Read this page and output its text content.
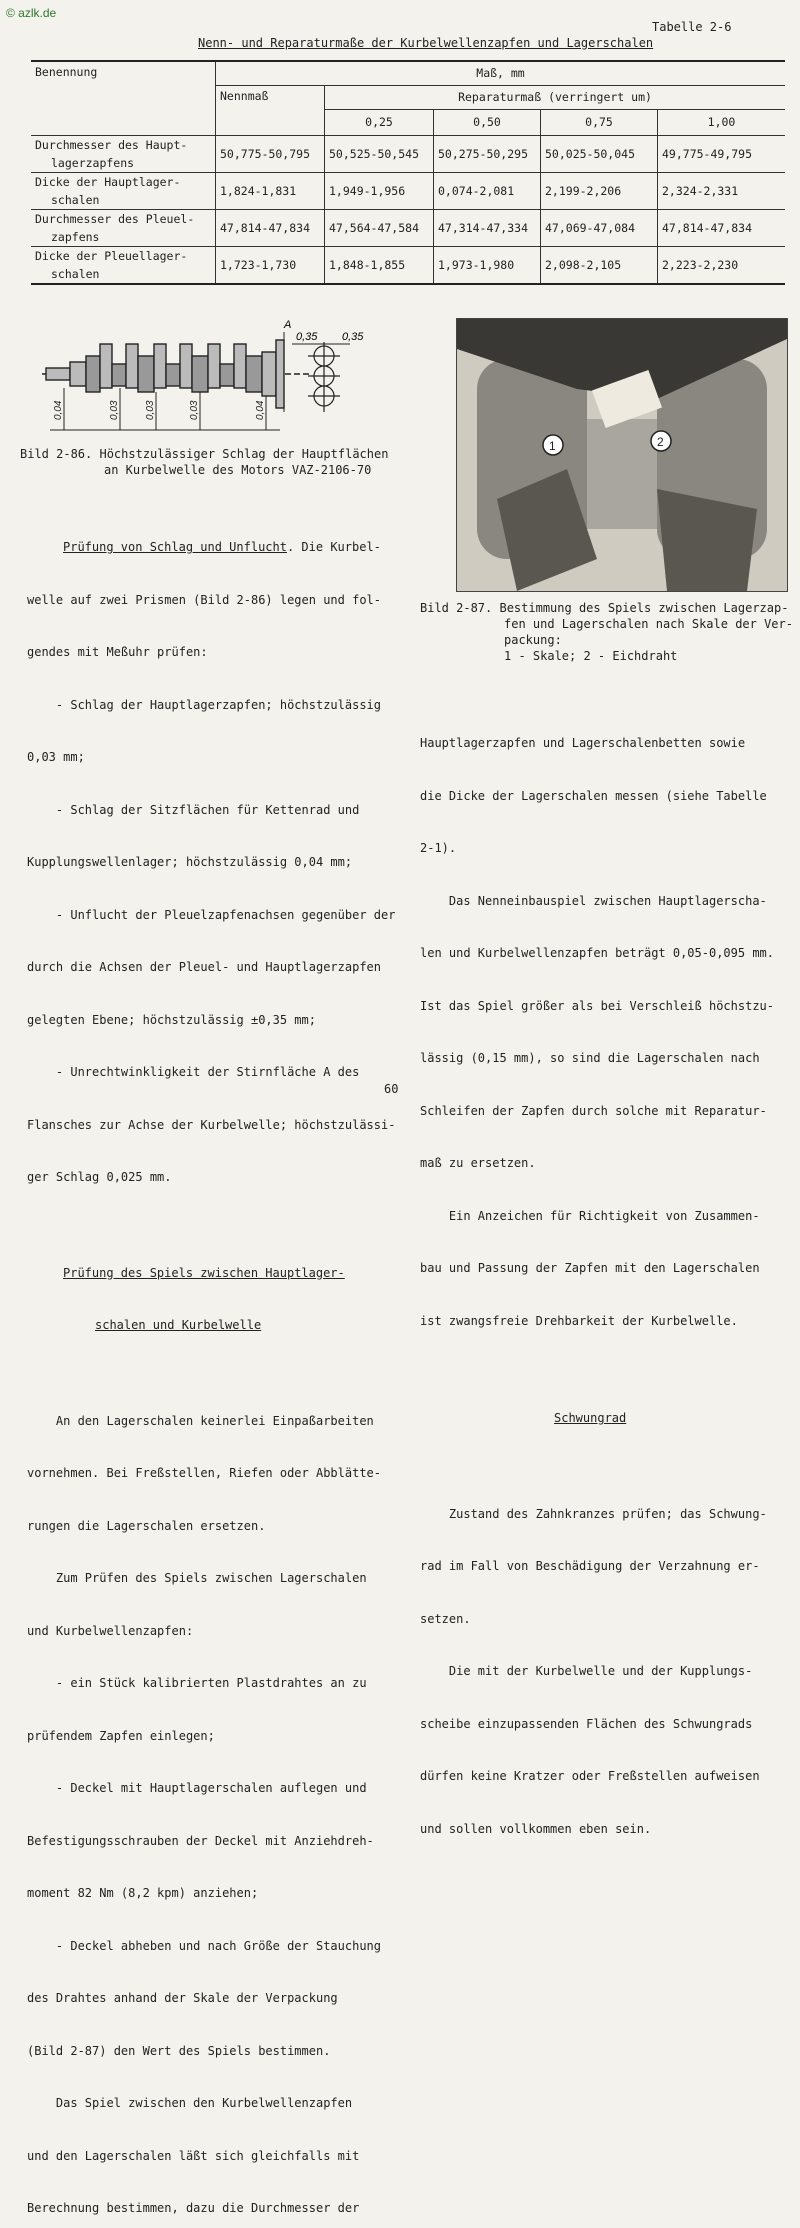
© azlk.de
Tabelle 2-6
Nenn- und Reparaturmaße der Kurbelwellenzapfen und Lagerschalen
Benennung	Maß, mm				
	Nennmaß	Reparaturmaß (verringert um)			
		0,25	0,50	0,75	1,00
Durchmesser des Haupt-
lagerzapfens	50,775-50,795	50,525-50,545	50,275-50,295	50,025-50,045	49,775-49,795
Dicke der Hauptlager-
schalen	1,824-1,831	1,949-1,956	0,074-2,081	2,199-2,206	2,324-2,331
Durchmesser des Pleuel-
zapfens	47,814-47,834	47,564-47,584	47,314-47,334	47,069-47,084	47,814-47,834
Dicke der Pleuellager-
schalen	1,723-1,730	1,848-1,855	1,973-1,980	2,098-2,105	2,223-2,230
A
0,35 0,35
0,04	0,03	0,03	0,03	0,04
Bild 2-86. Höchstzulässiger Schlag der Hauptflächen
an Kurbelwelle des Motors VAZ-2106-70
1	2
Bild 2-87. Bestimmung des Spiels zwischen Lagerzap-
fen und Lagerschalen nach Skale der Ver-
packung:
1 - Skale; 2 - Eichdraht

Prüfung von Schlag und Unflucht. Die Kurbel-

welle auf zwei Prismen (Bild 2-86) legen und fol-

gendes mit Meßuhr prüfen:

- Schlag der Hauptlagerzapfen; höchstzulässig

0,03 mm;

- Schlag der Sitzflächen für Kettenrad und

Kupplungswellenlager; höchstzulässig 0,04 mm;

- Unflucht der Pleuelzapfenachsen gegenüber der

durch die Achsen der Pleuel- und Hauptlagerzapfen

gelegten Ebene; höchstzulässig ±0,35 mm;

- Unrechtwinkligkeit der Stirnfläche A des

Flansches zur Achse der Kurbelwelle; höchstzulässi-

ger Schlag 0,025 mm.

Prüfung des Spiels zwischen Hauptlager-

schalen und Kurbelwelle

An den Lagerschalen keinerlei Einpaßarbeiten

vornehmen. Bei Freßstellen, Riefen oder Abblätte-

rungen die Lagerschalen ersetzen.

Zum Prüfen des Spiels zwischen Lagerschalen

und Kurbelwellenzapfen:

- ein Stück kalibrierten Plastdrahtes an zu

prüfendem Zapfen einlegen;

- Deckel mit Hauptlagerschalen auflegen und

Befestigungsschrauben der Deckel mit Anziehdreh-

moment 82 Nm (8,2 kpm) anziehen;

- Deckel abheben und nach Größe der Stauchung

des Drahtes anhand der Skale der Verpackung

(Bild 2-87) den Wert des Spiels bestimmen.

Das Spiel zwischen den Kurbelwellenzapfen

und den Lagerschalen läßt sich gleichfalls mit

Berechnung bestimmen, dazu die Durchmesser der

Hauptlagerzapfen und Lagerschalenbetten sowie

die Dicke der Lagerschalen messen (siehe Tabelle

2-1).

Das Nenneinbauspiel zwischen Hauptlagerscha-

len und Kurbelwellenzapfen beträgt 0,05-0,095 mm.

Ist das Spiel größer als bei Verschleiß höchstzu-

lässig (0,15 mm), so sind die Lagerschalen nach

Schleifen der Zapfen durch solche mit Reparatur-

maß zu ersetzen.

Ein Anzeichen für Richtigkeit von Zusammen-

bau und Passung der Zapfen mit den Lagerschalen

ist zwangsfreie Drehbarkeit der Kurbelwelle.

Schwungrad

Zustand des Zahnkranzes prüfen; das Schwung-

rad im Fall von Beschädigung der Verzahnung er-

setzen.

Die mit der Kurbelwelle und der Kupplungs-

scheibe einzupassenden Flächen des Schwungrads

dürfen keine Kratzer oder Freßstellen aufweisen

und sollen vollkommen eben sein.

60
